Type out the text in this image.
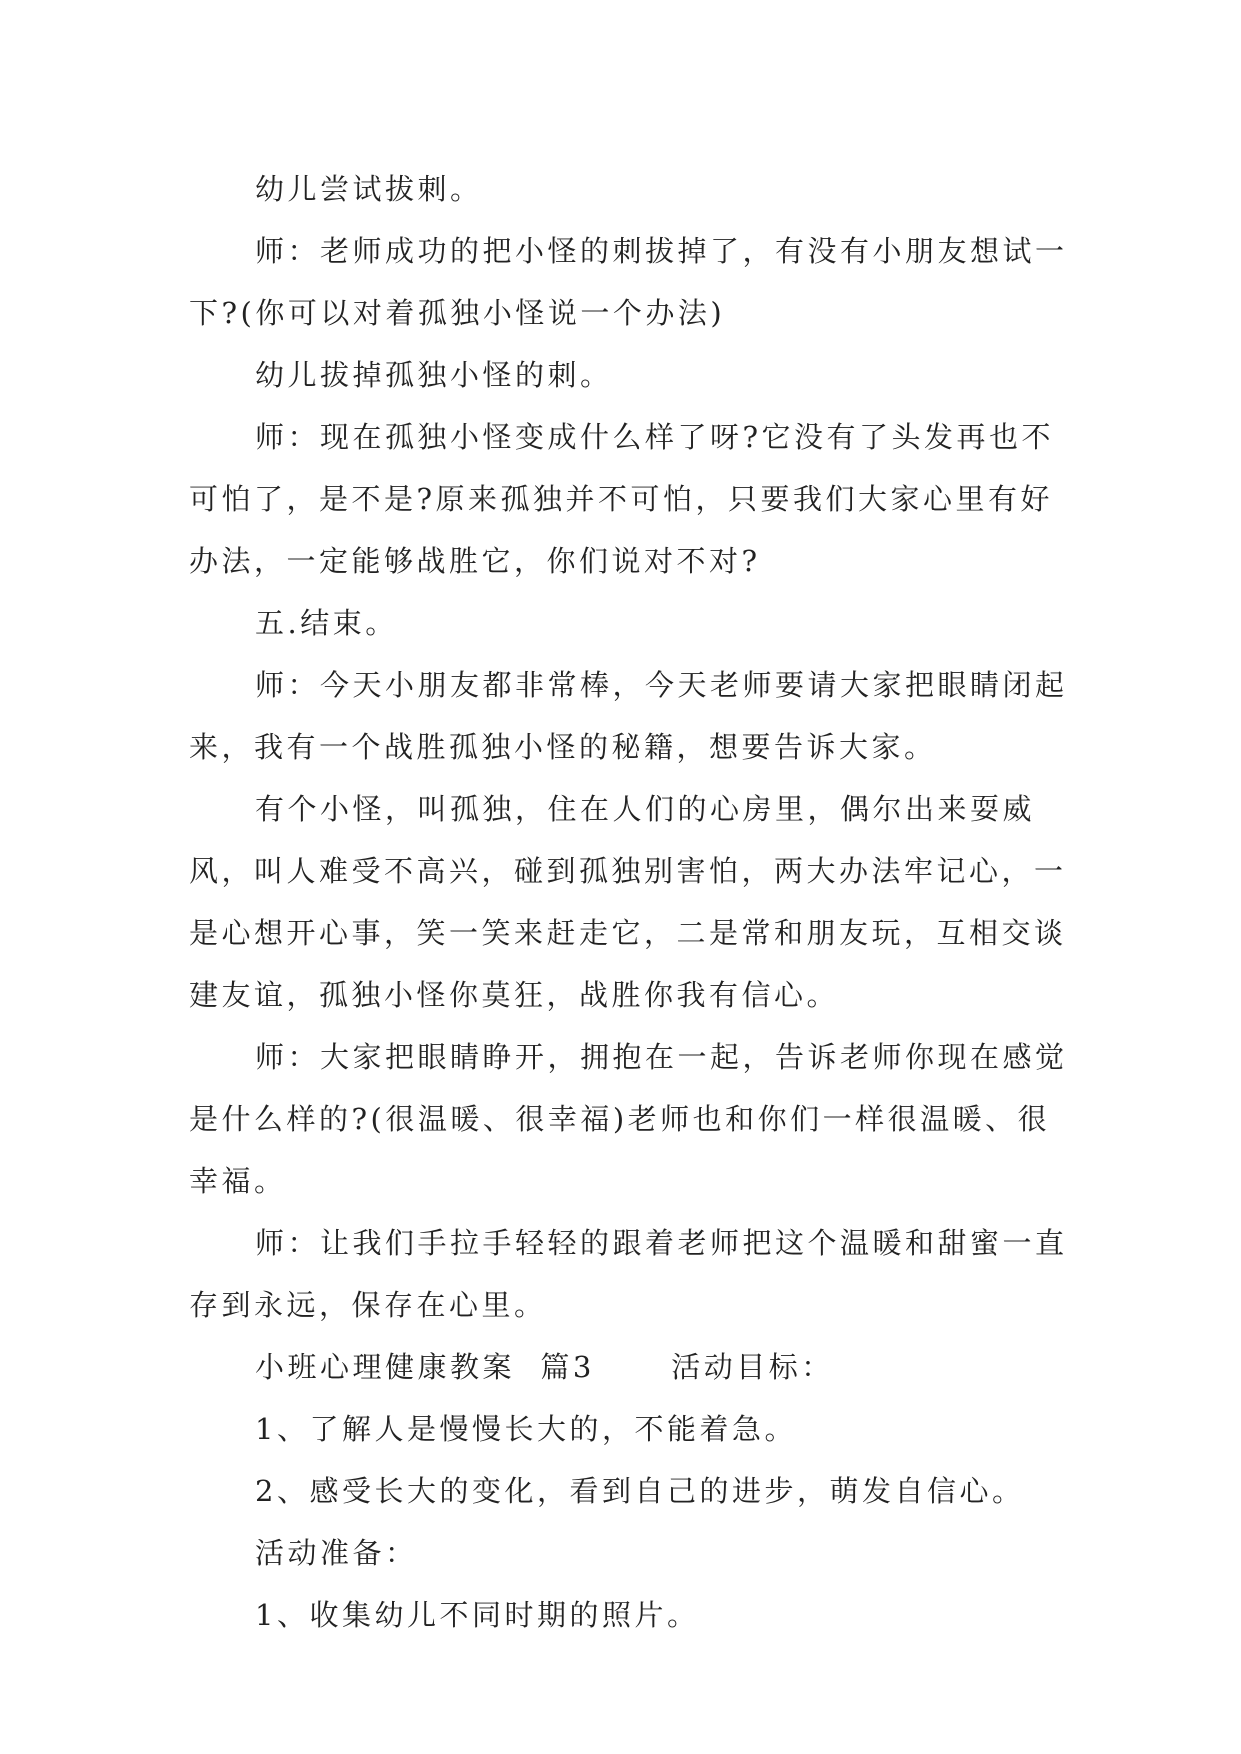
幼儿尝试拔刺。

师：老师成功的把小怪的刺拔掉了，有没有小朋友想试一下?(你可以对着孤独小怪说一个办法)

幼儿拔掉孤独小怪的刺。

师：现在孤独小怪变成什么样了呀?它没有了头发再也不可怕了，是不是?原来孤独并不可怕，只要我们大家心里有好办法，一定能够战胜它，你们说对不对?

五.结束。

师：今天小朋友都非常棒，今天老师要请大家把眼睛闭起来，我有一个战胜孤独小怪的秘籍，想要告诉大家。

有个小怪，叫孤独，住在人们的心房里，偶尔出来耍威风，叫人难受不高兴，碰到孤独别害怕，两大办法牢记心，一是心想开心事，笑一笑来赶走它，二是常和朋友玩，互相交谈建友谊，孤独小怪你莫狂，战胜你我有信心。

师：大家把眼睛睁开，拥抱在一起，告诉老师你现在感觉是什么样的?(很温暖、很幸福)老师也和你们一样很温暖、很幸福。

师：让我们手拉手轻轻的跟着老师把这个温暖和甜蜜一直存到永远，保存在心里。

小班心理健康教案  篇3      活动目标：

1、了解人是慢慢长大的，不能着急。

2、感受长大的变化，看到自己的进步，萌发自信心。

活动准备：

1、收集幼儿不同时期的照片。
